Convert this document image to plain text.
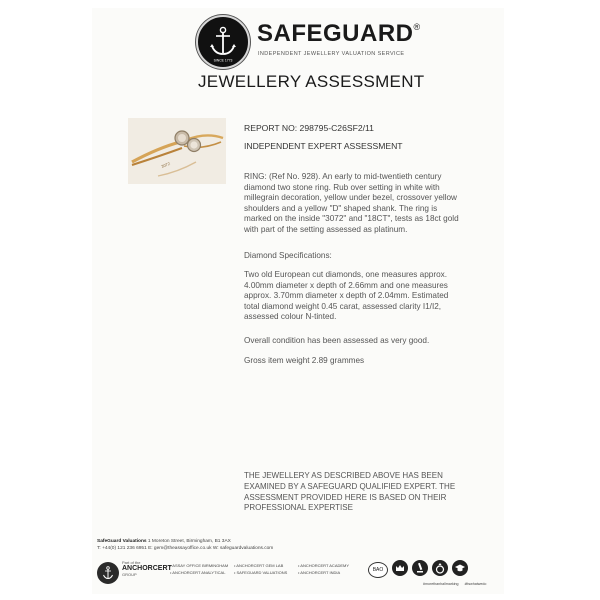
SINCE 1773
SAFEGUARD®
INDEPENDENT JEWELLERY VALUATION SERVICE
JEWELLERY ASSESSMENT
3072
REPORT NO: 298795-C26SF2/11
INDEPENDENT EXPERT ASSESSMENT

RING: (Ref No. 928). An early to mid-twentieth century diamond two stone ring. Rub over setting in white with millegrain decoration, yellow under bezel, crossover yellow shoulders and a yellow "D" shaped shank. The ring is marked on the inside "3072" and "18CT", tests as 18ct gold with part of the setting assessed as platinum.

Diamond Specifications:

Two old European cut diamonds, one measures approx. 4.00mm diameter x depth of 2.66mm and one measures approx. 3.70mm diameter x depth of 2.04mm. Estimated total diamond weight 0.45 carat, assessed clarity I1/I2, assessed colour N-tinted.

Overall condition has been assessed as very good.

Gross item weight 2.89 grammes

THE JEWELLERY AS DESCRIBED ABOVE HAS BEEN EXAMINED BY A SAFEGUARD QUALIFIED EXPERT. THE ASSESSMENT PROVIDED HERE IS BASED ON THEIR PROFESSIONAL EXPERTISE

SafeGuard Valuations 1 Moreton Street, Birmingham, B1 3AX
T: +44(0) 121 236 6951 E: gem@theassayoffice.co.uk W: safeguardvaluations.com
Part of the
ANCHORCERT
GROUP
• ASSAY OFFICE BIRMINGHAM
• ANCHORCERT ANALYTICAL
• ANCHORCERT GEM LAB
• SAFEGUARD VALUATIONS
• ANCHORCERT ACADEMY
• ANCHORCERT INDIA	BAO
#morethanhallmarking #itswhatwedo
